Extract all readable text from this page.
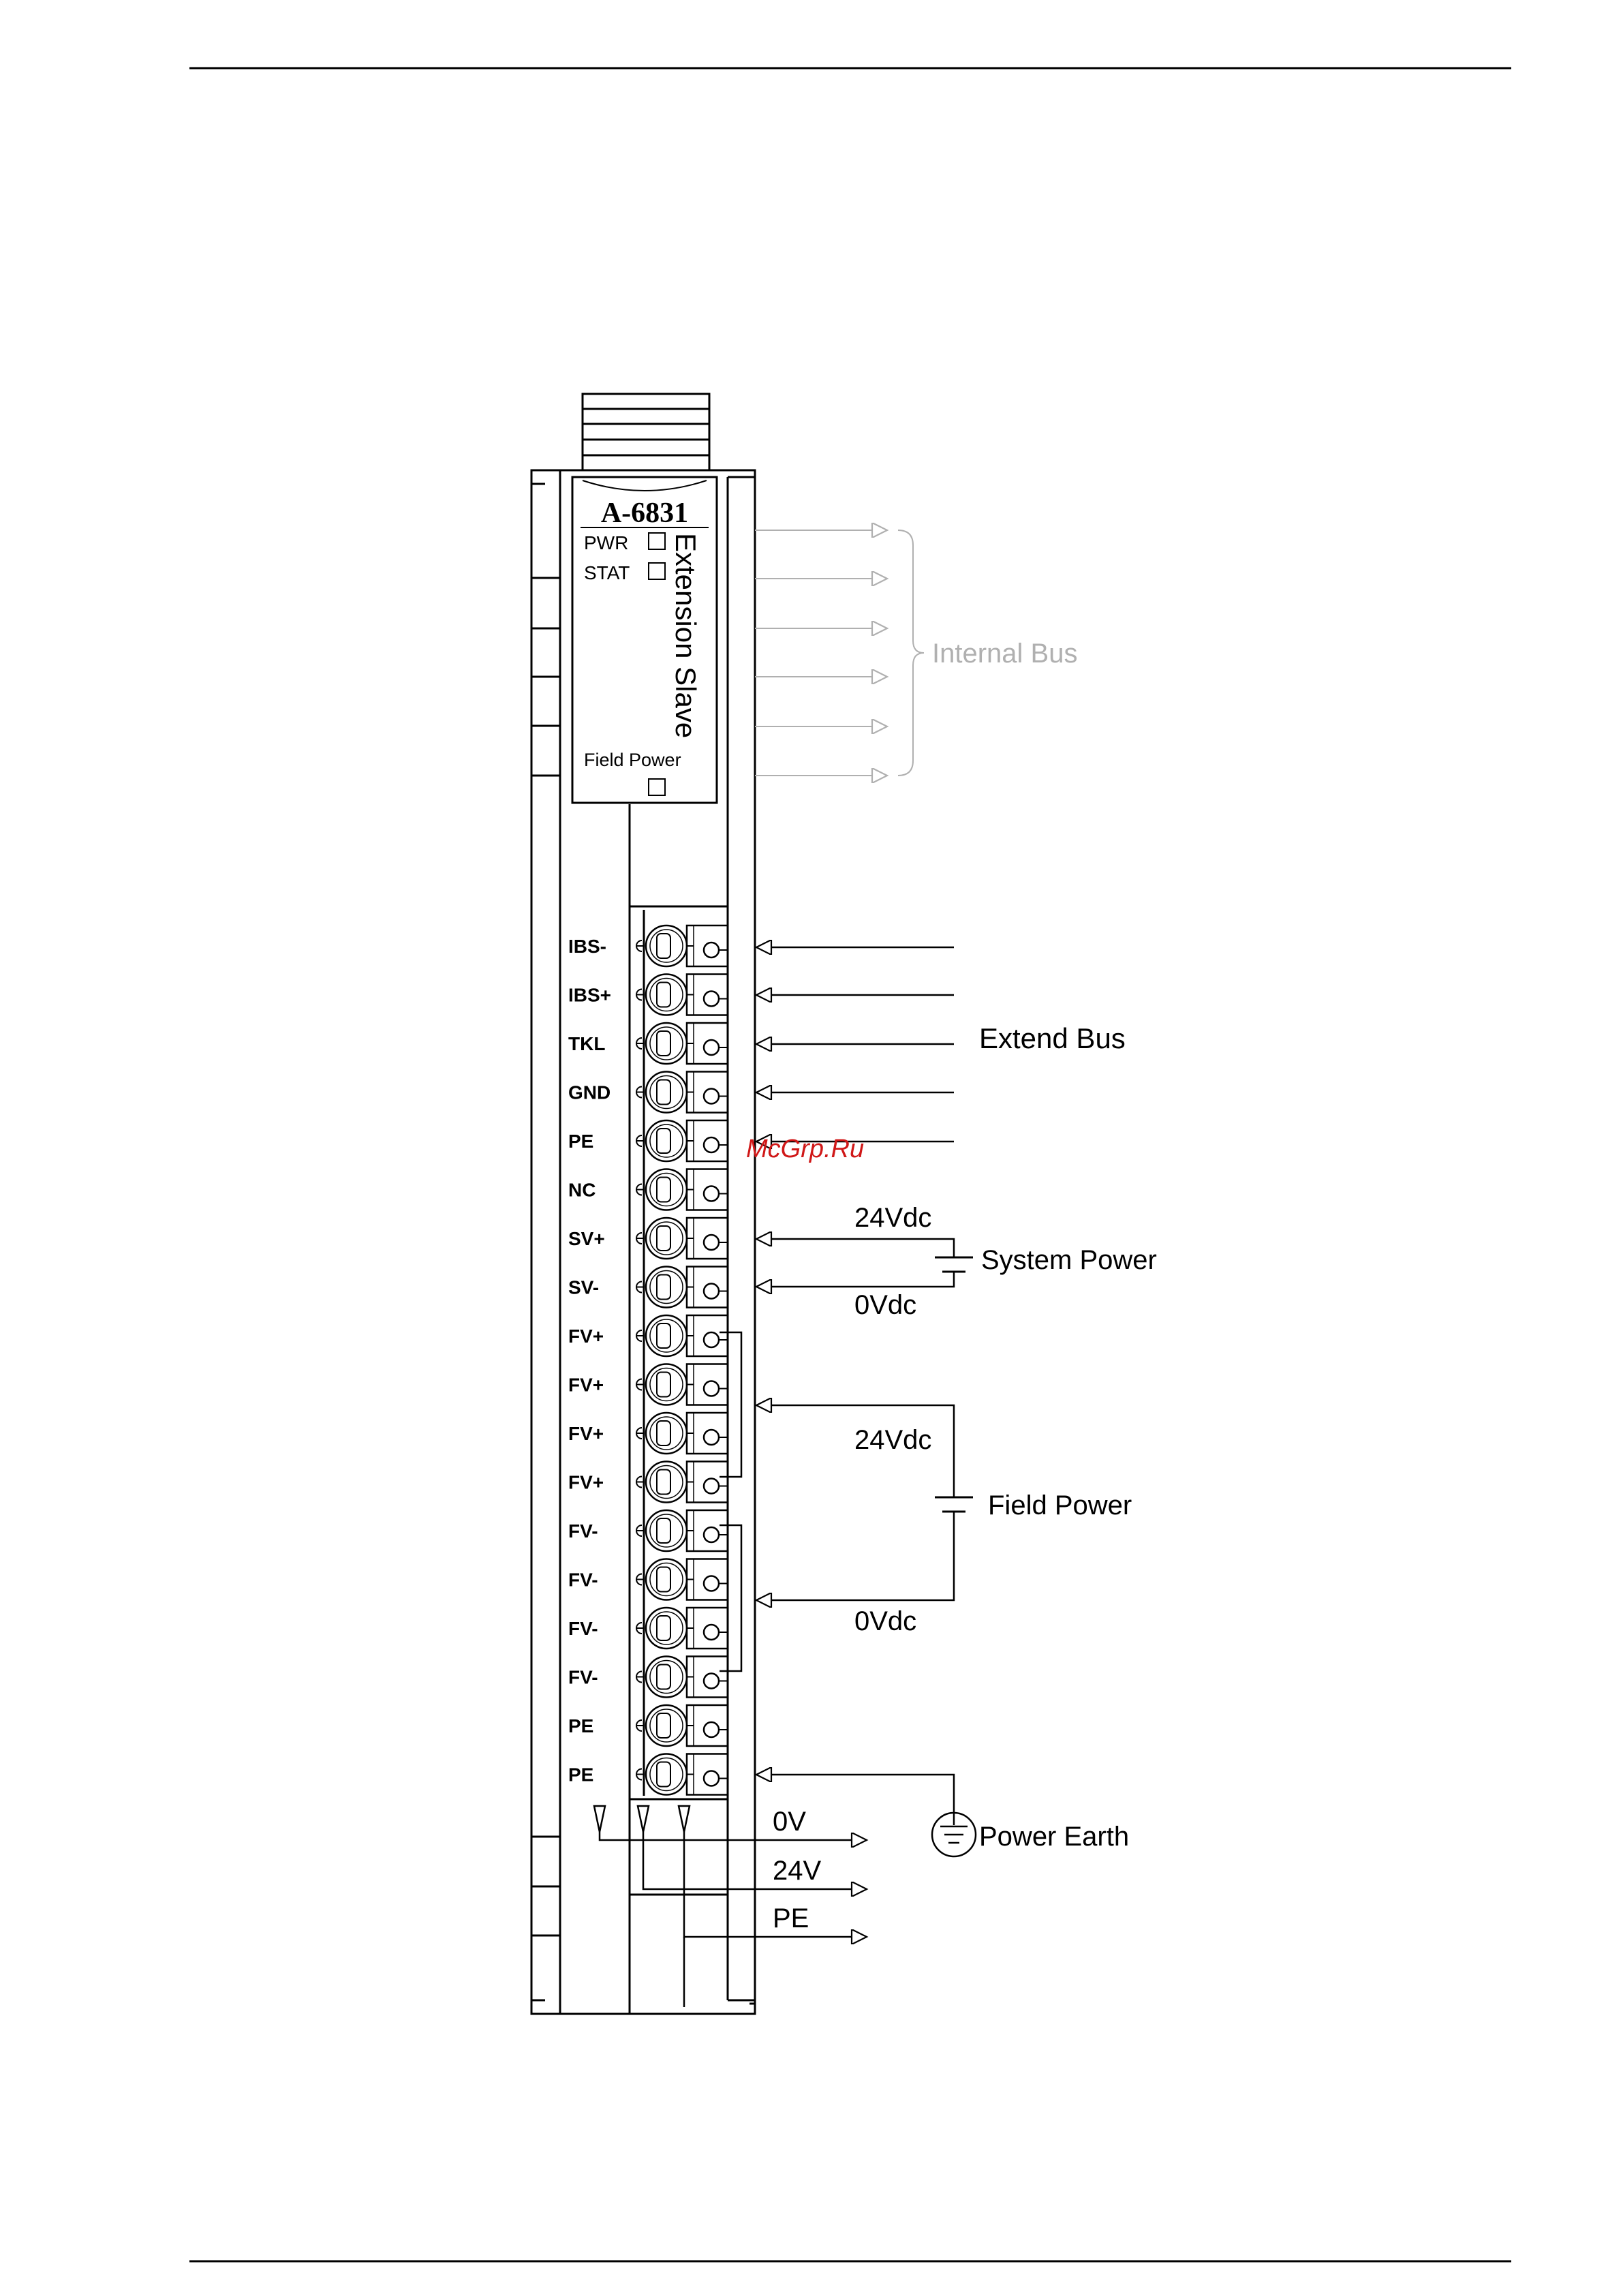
A-6831
PWR
STAT Extension Slave
Field Power
Internal Bus
IBS-
IBS+
TKL
GND
PE
NC
SV+
SV-
FV+
FV+
FV+
FV+
FV-
FV-
FV-
FV-
PE
PE
Extend Bus
24Vdc
System Power
0Vdc
24Vdc
Field Power
0Vdc
Power Earth
0V
24V
PE
McGrp.Ru
